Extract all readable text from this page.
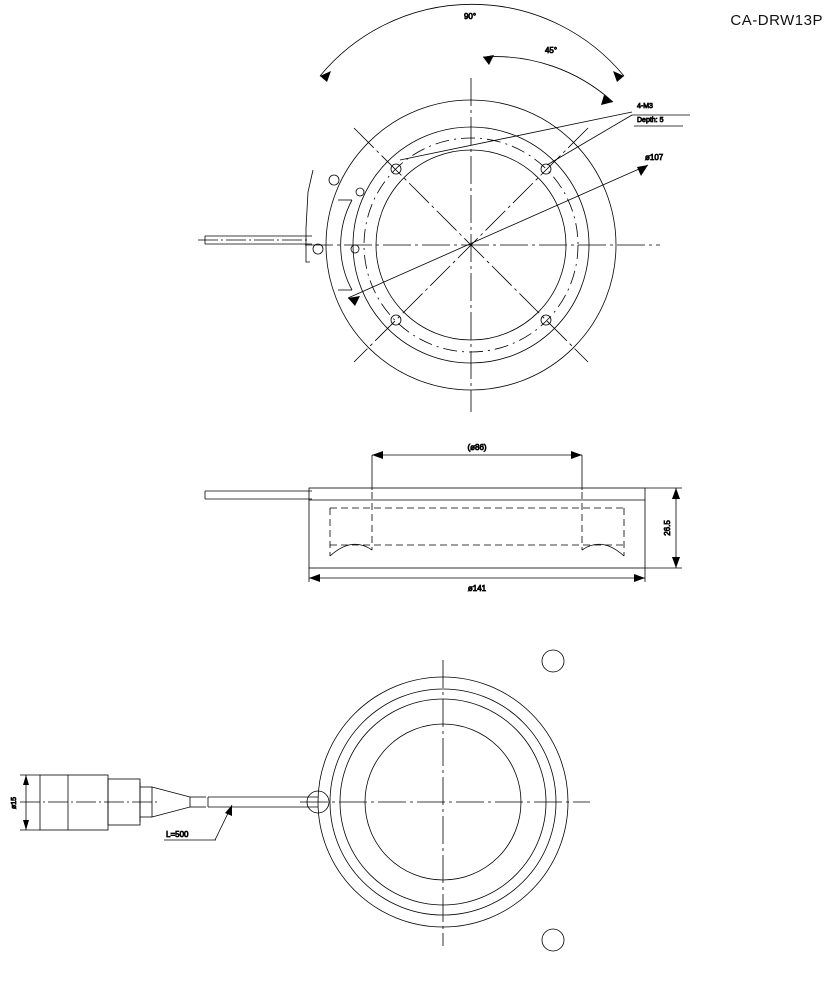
CA-DRW13P
90°
45°
4-M3
Depth: 5
ø107
(ø86)
ø141
26.5
ø15
L=500
